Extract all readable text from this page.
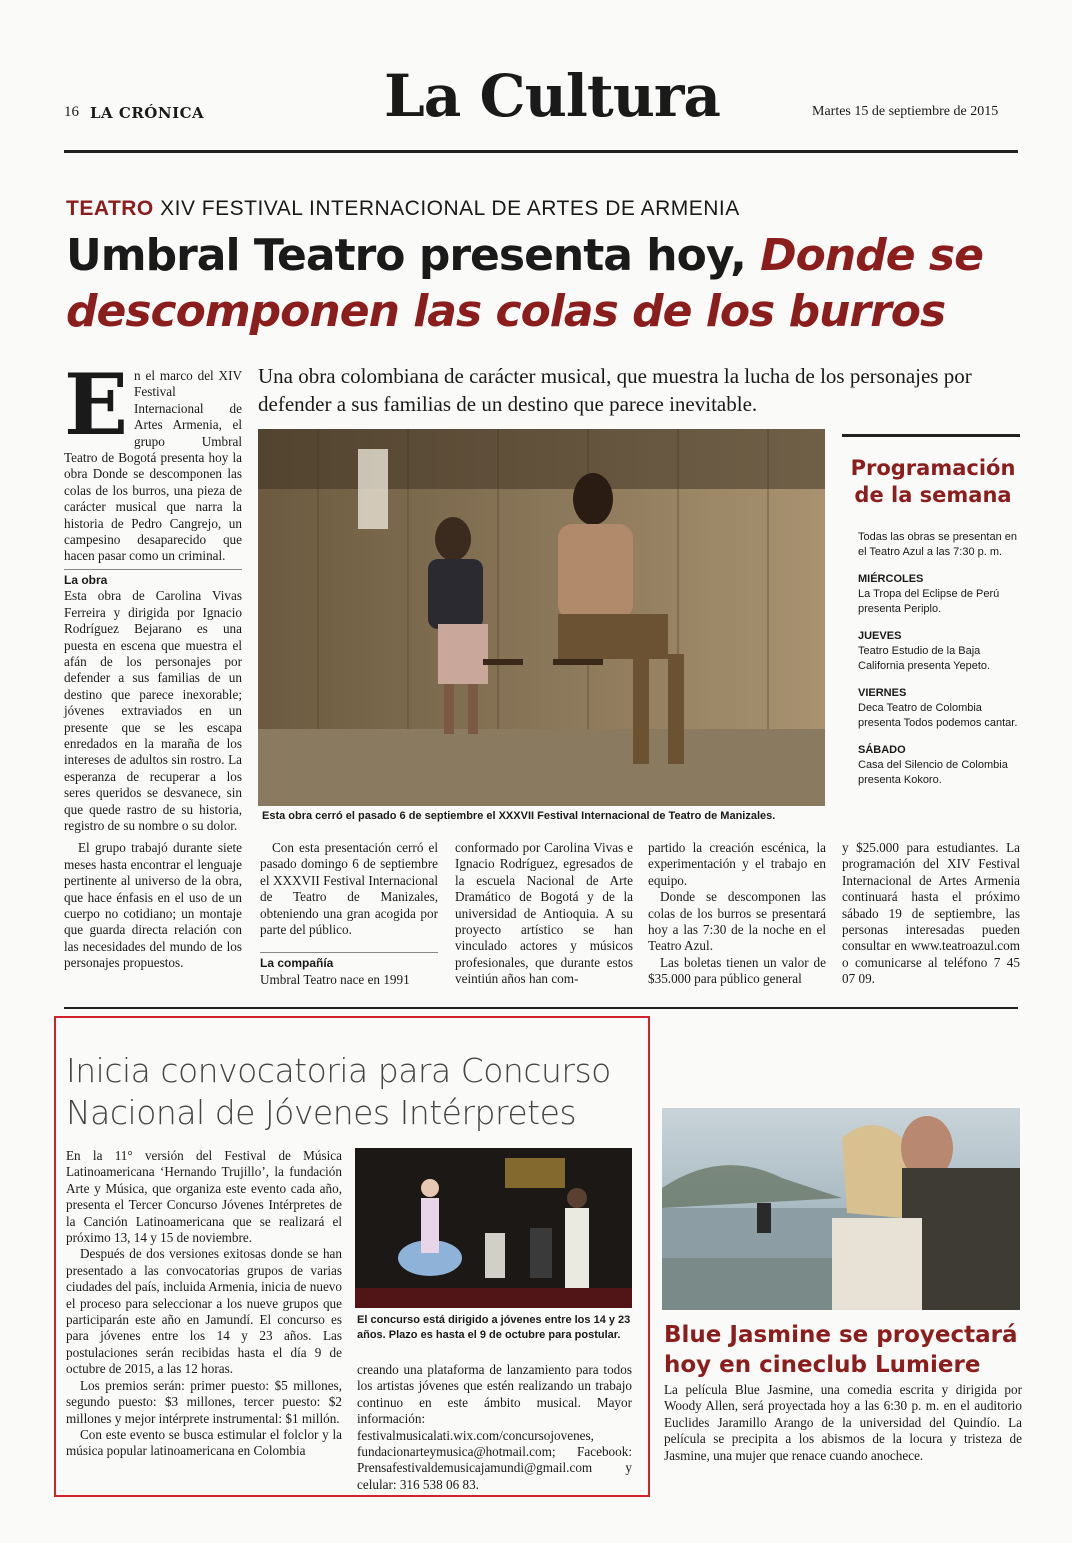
16 LA CRÓNICA	La Cultura	Martes 15 de septiembre de 2015
TEATRO XIV FESTIVAL INTERNACIONAL DE ARTES DE ARMENIA
Umbral Teatro presenta hoy, Donde se descomponen las colas de los burros
Una obra colombiana de carácter musical, que muestra la lucha de los personajes por defender a sus familias de un destino que parece inevitable.
E n el marco del XIV Festival Internacional de Artes Armenia, el grupo Umbral Teatro de Bogotá presenta hoy la obra Donde se descomponen las colas de los burros, una pieza de carácter musical que narra la historia de Pedro Cangrejo, un campesino desaparecido que hacen pasar como un criminal.
La obra
Esta obra de Carolina Vivas Ferreira y dirigida por Ignacio Rodríguez Bejarano es una puesta en escena que muestra el afán de los personajes por defender a sus familias de un destino que parece inexorable; jóvenes extraviados en un presente que se les escapa enredados en la maraña de los intereses de adultos sin rostro. La esperanza de recuperar a los seres queridos se desvanece, sin que quede rastro de su historia, registro de su nombre o su dolor.
El grupo trabajó durante siete meses hasta encontrar el lenguaje pertinente al universo de la obra, que hace énfasis en el uso de un cuerpo no cotidiano; un montaje que guarda directa relación con las necesidades del mundo de los personajes propuestos.
Esta obra cerró el pasado 6 de septiembre el XXXVII Festival Internacional de Teatro de Manizales.
Con esta presentación cerró el pasado domingo 6 de septiembre el XXXVII Festival Internacional de Teatro de Manizales, obteniendo una gran acogida por parte del público.
La compañía
Umbral Teatro nace en 1991
conformado por Carolina Vivas e Ignacio Rodríguez, egresados de la escuela Nacional de Arte Dramático de Bogotá y de la universidad de Antioquia. A su proyecto artístico se han vinculado actores y músicos profesionales, que durante estos veintiún años han com-
partido la creación escénica, la experimentación y el trabajo en equipo.
Donde se descomponen las colas de los burros se presentará hoy a las 7:30 de la noche en el Teatro Azul.
Las boletas tienen un valor de $35.000 para público general
y $25.000 para estudiantes. La programación del XIV Festival Internacional de Artes Armenia continuará hasta el próximo sábado 19 de septiembre, las personas interesadas pueden consultar en www.teatroazul.com o comunicarse al teléfono 7 45 07 09.
Programación de la semana
Todas las obras se presentan en el Teatro Azul a las 7:30 p. m.
MIÉRCOLES
La Tropa del Eclipse de Perú presenta Periplo.
JUEVES
Teatro Estudio de la Baja California presenta Yepeto.
VIERNES
Deca Teatro de Colombia presenta Todos podemos cantar.
SÁBADO
Casa del Silencio de Colombia presenta Kokoro.
Inicia convocatoria para Concurso Nacional de Jóvenes Intérpretes
En la 11° versión del Festival de Música Latinoamericana ‘Hernando Trujillo’, la fundación Arte y Música, que organiza este evento cada año, presenta el Tercer Concurso Jóvenes Intérpretes de la Canción Latinoamericana que se realizará el próximo 13, 14 y 15 de noviembre.
Después de dos versiones exitosas donde se han presentado a las convocatorias grupos de varias ciudades del país, incluida Armenia, inicia de nuevo el proceso para seleccionar a los nueve grupos que participarán este año en Jamundí. El concurso es para jóvenes entre los 14 y 23 años. Las postulaciones serán recibidas hasta el día 9 de octubre de 2015, a las 12 horas.
Los premios serán: primer puesto: $5 millones, segundo puesto: $3 millones, tercer puesto: $2 millones y mejor intérprete instrumental: $1 millón.
Con este evento se busca estimular el folclor y la música popular latinoamericana en Colombia
El concurso está dirigido a jóvenes entre los 14 y 23 años. Plazo es hasta el 9 de octubre para postular.
creando una plataforma de lanzamiento para todos los artistas jóvenes que estén realizando un trabajo continuo en este ámbito musical. Mayor información: festivalmusicalati.wix.com/concursojovenes, fundacionarteymusica@hotmail.com; Facebook: Prensafestivaldemusicajamundi@gmail.com y celular: 316 538 06 83.
Blue Jasmine se proyectará hoy en cineclub Lumiere
La película Blue Jasmine, una comedia escrita y dirigida por Woody Allen, será proyectada hoy a las 6:30 p. m. en el auditorio Euclides Jaramillo Arango de la universidad del Quindío. La película se precipita a los abismos de la locura y tristeza de Jasmine, una mujer que renace cuando anochece.
